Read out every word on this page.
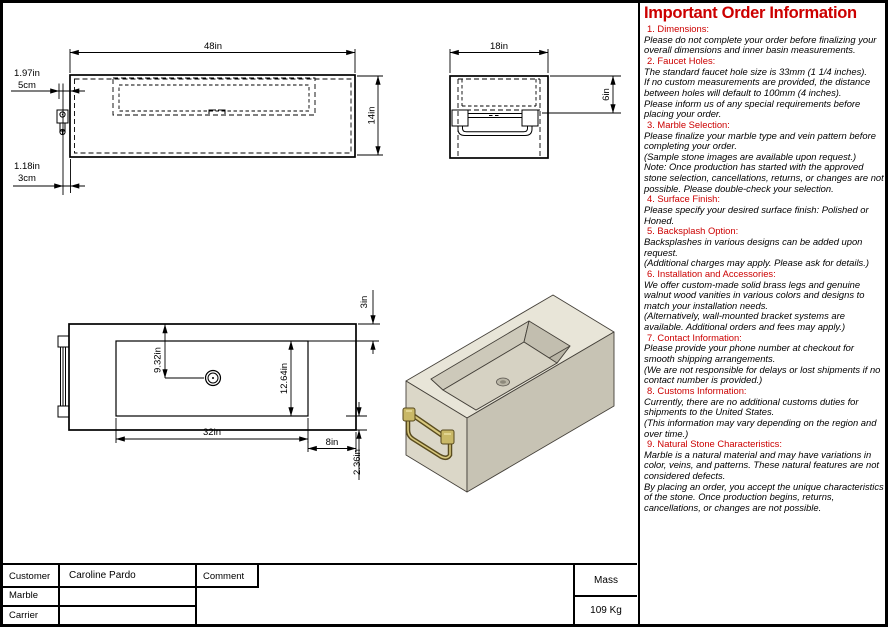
48in
14in
1.97in
5cm
1.18in
3cm
18in
6in
9.32in
12.64in
3in
32in
8in
2.36in
Customer Caroline Pardo
Marble
Carrier
Comment	Mass
109 Kg
Important Order Information
1. Dimensions:

Please do not complete your order before finalizing your overall dimensions and inner basin measurements.

2. Faucet Holes:

The standard faucet hole size is 33mm (1 1/4 inches).

If no custom measurements are provided, the distance between holes will default to 100mm (4 inches).

Please inform us of any special requirements before placing your order.

3. Marble Selection:

Please finalize your marble type and vein pattern before completing your order.

(Sample stone images are available upon request.)

Note: Once production has started with the approved stone selection, cancellations, returns, or changes are not possible. Please double-check your selection.

4. Surface Finish:

Please specify your desired surface finish: Polished or Honed.

5. Backsplash Option:

Backsplashes in various designs can be added upon request.

(Additional charges may apply. Please ask for details.)

6. Installation and Accessories:

We offer custom-made solid brass legs and genuine walnut wood vanities in various colors and designs to match your installation needs.

(Alternatively, wall-mounted bracket systems are available. Additional orders and fees may apply.)

7. Contact Information:

Please provide your phone number at checkout for smooth shipping arrangements.

(We are not responsible for delays or lost shipments if no contact number is provided.)

8. Customs Information:

Currently, there are no additional customs duties for shipments to the United States.

(This information may vary depending on the region and over time.)

9. Natural Stone Characteristics:

Marble is a natural material and may have variations in color, veins, and patterns. These natural features are not considered defects.

By placing an order, you accept the unique characteristics of the stone. Once production begins, returns, cancellations, or changes are not possible.
